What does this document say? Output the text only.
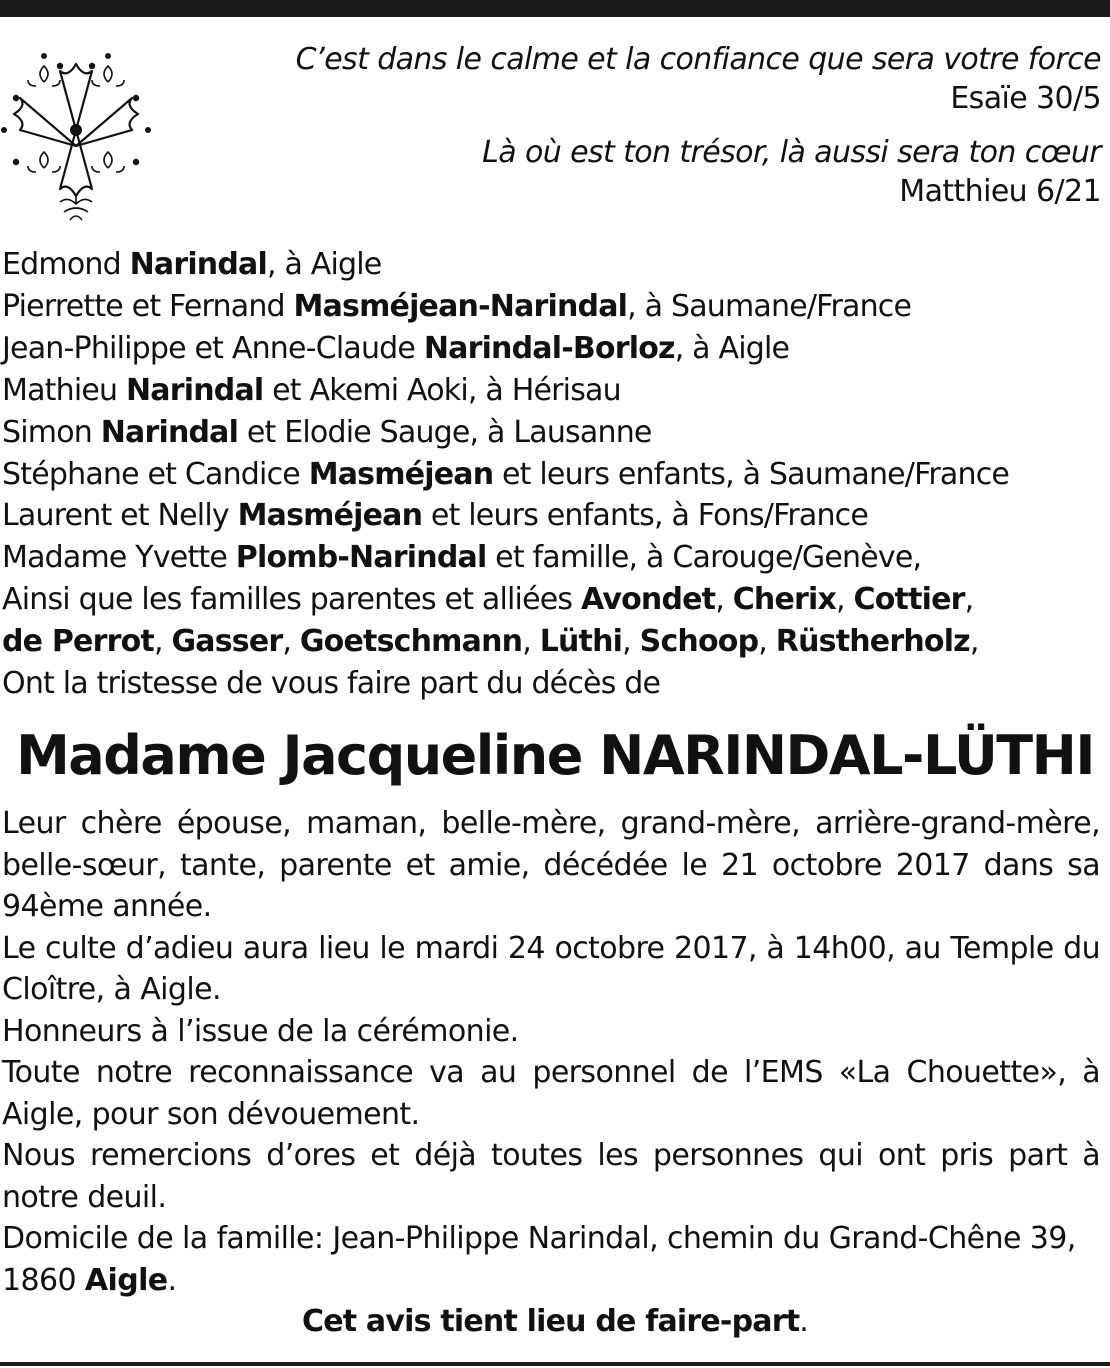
C’est dans le calme et la confiance que sera votre force
Esaïe 30/5
Là où est ton trésor, là aussi sera ton cœur
Matthieu 6/21
Edmond Narindal, à Aigle
Pierrette et Fernand Masméjean-Narindal, à Saumane/France
Jean-Philippe et Anne-Claude Narindal-Borloz, à Aigle
Mathieu Narindal et Akemi Aoki, à Hérisau
Simon Narindal et Elodie Sauge, à Lausanne
Stéphane et Candice Masméjean et leurs enfants, à Saumane/France
Laurent et Nelly Masméjean et leurs enfants, à Fons/France
Madame Yvette Plomb-Narindal et famille, à Carouge/Genève,
Ainsi que les familles parentes et alliées Avondet, Cherix, Cottier,
de Perrot, Gasser, Goetschmann, Lüthi, Schoop, Rüstherholz,
Ont la tristesse de vous faire part du décès de
Madame Jacqueline NARINDAL-LÜTHI

Leur chère épouse, maman, belle-mère, grand-mère, arrière-grand-mère, belle-sœur, tante, parente et amie, décédée le 21 octobre 2017 dans sa 94ème année.

Le culte d’adieu aura lieu le mardi 24 octobre 2017, à 14h00, au Temple du Cloître, à Aigle.

Honneurs à l’issue de la cérémonie.

Toute notre reconnaissance va au personnel de l’EMS «La Chouette», à Aigle, pour son dévouement.

Nous remercions d’ores et déjà toutes les personnes qui ont pris part à notre deuil.

Domicile de la famille: Jean-Philippe Narindal, chemin du Grand-Chêne 39, 1860 Aigle.

Cet avis tient lieu de faire-part.
